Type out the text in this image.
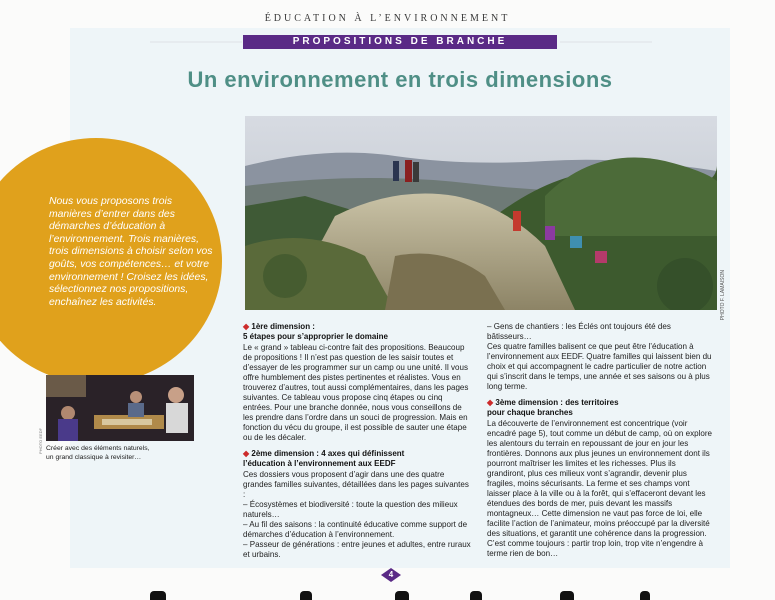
ÉDUCATION À L’ENVIRONNEMENT
PROPOSITIONS DE BRANCHE
Un environnement en trois dimensions
PHOTO F. LAMAISON
Nous vous proposons trois manières d’entrer dans des démarches d’éducation à l’environnement. Trois manières, trois dimensions à choisir selon vos goûts, vos compétences… et votre environnement ! Croisez les idées, sélectionnez nos propositions, enchaînez les activités.
PHOTO EEDF Créer avec des éléments naturels, un grand classique à revisiter…
◆ 1ère dimension :
5 étapes pour s’approprier le domaine

Le « grand » tableau ci-contre fait des propositions. Beaucoup de propositions ! Il n’est pas question de les saisir toutes et d’essayer de les programmer sur un camp ou une unité. Il vous offre humblement des pistes pertinentes et réalistes. Vous en trouverez d’autres, tout aussi complémentaires, dans les pages suivantes. Ce tableau vous propose cinq étapes ou cinq entrées. Pour une branche donnée, nous vous conseillons de les prendre dans l’ordre dans un souci de progression. Mais en fonction du vécu du groupe, il est possible de sauter une étape ou de les décaler.

◆ 2ème dimension : 4 axes qui définissent
l’éducation à l’environnement aux EEDF

Ces dossiers vous proposent d’agir dans une des quatre grandes familles suivantes, détaillées dans les pages suivantes :

– Écosystèmes et biodiversité : toute la question des milieux naturels…

– Au fil des saisons : la continuité éducative comme support de démarches d’éducation à l’environnement.

– Passeur de générations : entre jeunes et adultes, entre ruraux et urbains.

– Gens de chantiers : les Éclés ont toujours été des bâtisseurs…

Ces quatre familles balisent ce que peut être l’éducation à l’environnement aux EEDF. Quatre familles qui laissent bien du choix et qui accompagnent le cadre particulier de notre action qui s’inscrit dans le temps, une année et ses saisons ou à plus long terme.

◆ 3ème dimension : des territoires
pour chaque branches

La découverte de l’environnement est concentrique (voir encadré page 5), tout comme un début de camp, où on explore les alentours du terrain en repoussant de jour en jour les frontières. Donnons aux plus jeunes un environnement dont ils pourront maîtriser les limites et les richesses. Plus ils grandiront, plus ces milieux vont s’agrandir, devenir plus fragiles, moins sécurisants. La ferme et ses champs vont laisser place à la ville ou à la forêt, qui s’effaceront devant les étendues des bords de mer, puis devant les massifs montagneux… Cette dimension ne vaut pas force de loi, elle facilite l’action de l’animateur, moins préoccupé par la diversité des situations, et garantit une cohérence dans la progression. C’est comme toujours : partir trop loin, trop vite n’engendre à terme rien de bon…

4
